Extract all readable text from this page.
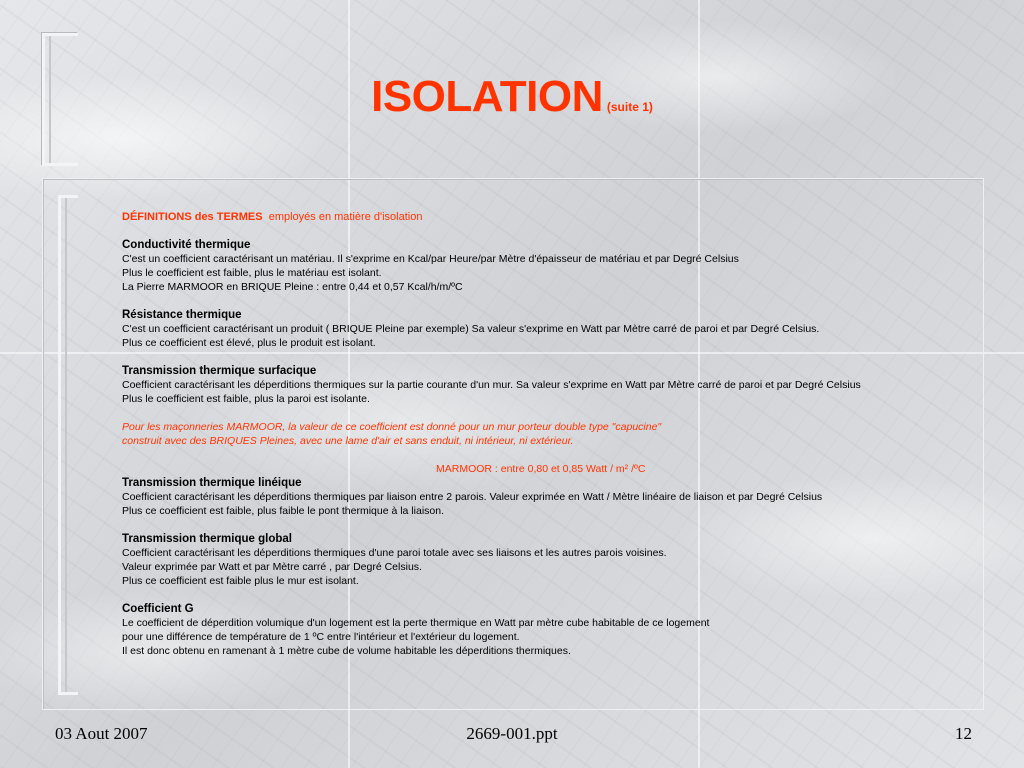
ISOLATION (suite 1)

DÉFINITIONS des TERMES employés en matière d'isolation

Conductivité thermique

C'est un coefficient caractérisant un matériau. Il s'exprime en Kcal/par Heure/par Mètre d'épaisseur de matériau et par Degré Celsius

Plus le coefficient est faible, plus le matériau est isolant.

La Pierre MARMOOR en BRIQUE Pleine : entre 0,44 et 0,57 Kcal/h/m/ºC

Résistance thermique

C'est un coefficient caractérisant un produit ( BRIQUE Pleine par exemple) Sa valeur s'exprime en Watt par Mètre carré de paroi et par Degré Celsius.

Plus ce coefficient est élevé, plus le produit est isolant.

Transmission thermique surfacique

Coefficient caractérisant les déperditions thermiques sur la partie courante d'un mur. Sa valeur s'exprime en Watt par Mètre carré de paroi et par Degré Celsius

Plus le coefficient est faible, plus la paroi est isolante.

Pour les maçonneries MARMOOR, la valeur de ce coefficient est donné pour un mur porteur double type "capucine"

construit avec des BRIQUES Pleines, avec une lame d'air et sans enduit, ni intérieur, ni extérieur.

MARMOOR : entre 0,80 et 0,85 Watt / m² /ºC

Transmission thermique linéique

Coefficient caractérisant les déperditions thermiques par liaison entre 2 parois. Valeur exprimée en Watt / Mètre linéaire de liaison et par Degré Celsius

Plus ce coefficient est faible, plus faible le pont thermique à la liaison.

Transmission thermique global

Coefficient caractérisant les déperditions thermiques d'une paroi totale avec ses liaisons et les autres parois voisines.

Valeur exprimée par Watt et par Mètre carré , par Degré Celsius.

Plus ce coefficient est faible plus le mur est isolant.

Coefficient G

Le coefficient de déperdition volumique d'un logement est la perte thermique en Watt par mètre cube habitable de ce logement

pour une différence de température de 1 ºC entre l'intérieur et l'extérieur du logement.

Il est donc obtenu en ramenant à 1 mètre cube de volume habitable les déperditions thermiques.

03 Aout 2007	2669-001.ppt	12
